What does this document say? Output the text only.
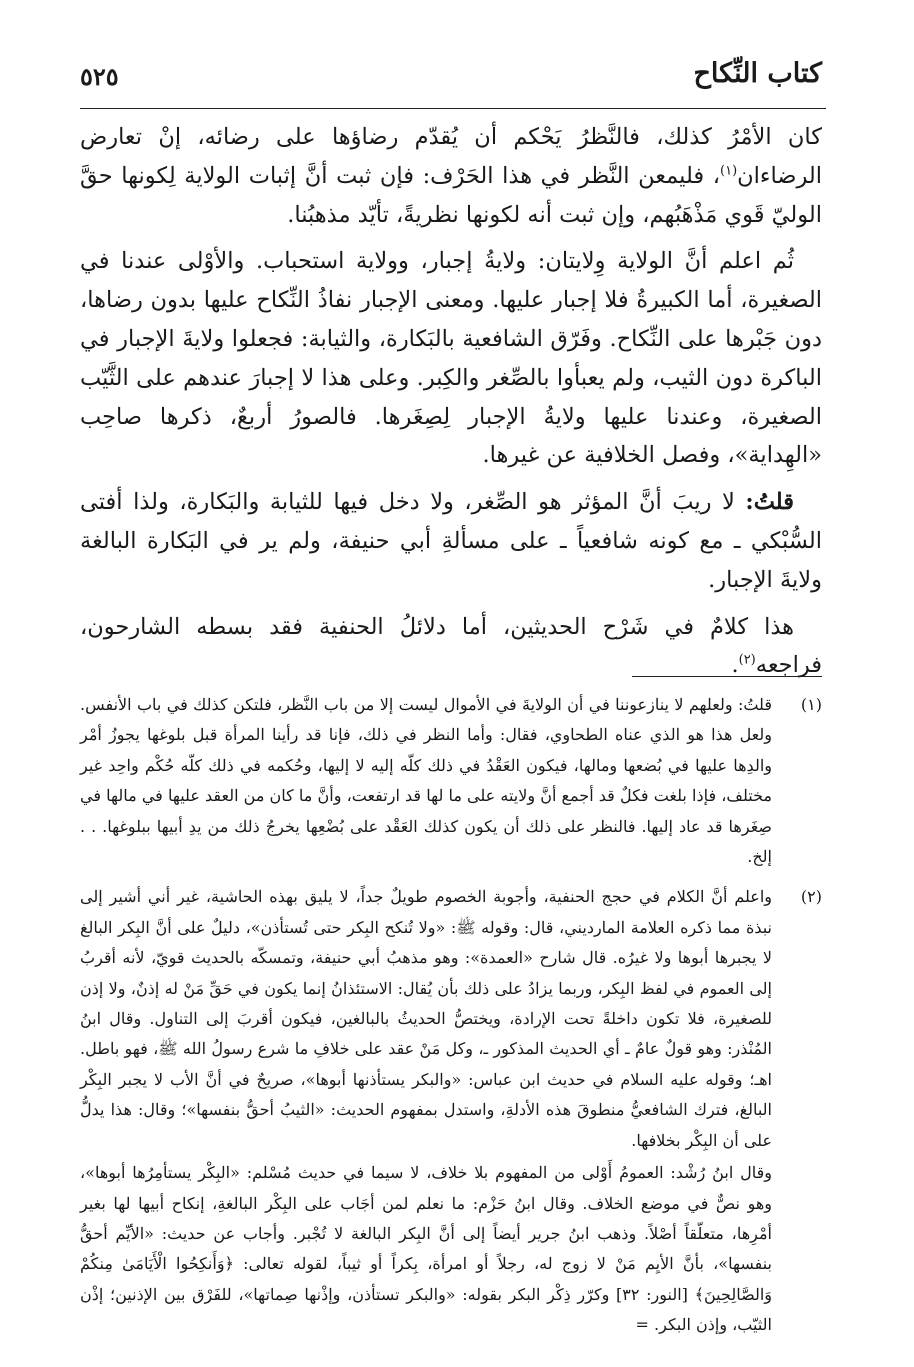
كتاب النِّكاح
٥٢٥

كان الأمْرُ كذلك، فالنَّظرُ يَحْكم أن يُقدّم رضاؤها على رضائه، إنْ تعارض الرضاءان$^{(١)}$، فليمعن النَّظر في هذا الحَرْف: فإن ثبت أنَّ إثبات الولاية لِكونها حقَّ الوليّ قَوي مَذْهَبُهم، وإن ثبت أنه لكونها نظريةً، تأيّد مذهبُنا.

ثُم اعلم أنَّ الولاية وِلايتان: ولايةُ إجبار، وولاية استحباب. والأوْلى عندنا في الصغيرة، أما الكبيرةُ فلا إجبار عليها. ومعنى الإجبار نفاذُ النِّكاح عليها بدون رضاها، دون جَبْرها على النِّكاح. وفَرّق الشافعية بالبَكارة، والثيابة: فجعلوا ولايةَ الإجبار في الباكرة دون الثيب، ولم يعبأوا بالصِّغر والكِبر. وعلى هذا لا إجبارَ عندهم على الثَّيّب الصغيرة، وعندنا عليها ولايةُ الإجبار لِصِغَرها. فالصورُ أربعٌ، ذكرها صاحِب «الهِداية»، وفصل الخلافية عن غيرها.

قلتُ: لا ريبَ أنَّ المؤثر هو الصِّغر، ولا دخل فيها للثيابة والبَكارة، ولذا أفتى السُّبْكي ـ مع كونه شافعياً ـ على مسألةِ أبي حنيفة، ولم ير في البَكارة البالغة ولايةَ الإجبار.

هذا كلامٌ في شَرْح الحديثين، أما دلائلُ الحنفية فقد بسطه الشارحون، فراجعه$^{(٢)}$.

(١)

قلتُ: ولعلهم لا ينازعوننا في أن الولايةَ في الأموال ليست إلا من باب النَّظر، فلتكن كذلك في باب الأنفس. ولعل هذا هو الذي عناه الطحاوي، فقال: وأما النظر في ذلك، فإنا قد رأينا المرأة قبل بلوغها يجوزُ أمْر والدِها عليها في بُضعها ومالها، فيكون العَقْدُ في ذلك كلّه إليه لا إليها، وحُكمه في ذلك كلّه حُكْم واحِد غير مختلف، فإذا بلغت فكلٌ قد أجمع أنَّ ولايته على ما لها قد ارتفعت، وأنَّ ما كان من العقد عليها في مالها في صِغَرها قد عاد إليها. فالنظر على ذلك أن يكون كذلك العَقْد على بُضْعِها يخرجُ ذلك من يدِ أبيها ببلوغها. . . إلخ.

(٢)

واعلم أنَّ الكلام في حجج الحنفية، وأجوبة الخصوم طويلٌ جداً، لا يليق بهذه الحاشية، غير أني أشير إلى نبذة مما ذكره العلامة المارديني، قال: وقوله ﷺ: «ولا تُنكح البِكر حتى تُستأذن»، دليلٌ على أنَّ البِكر البالغ لا يجبرها أبوها ولا غيرُه. قال شارح «العمدة»: وهو مذهبُ أبي حنيفة، وتمسكّه بالحديث قويّ، لأنه أقربُ إلى العموم في لفظ البِكر، وربما يزادُ على ذلك بأن يُقال: الاستئذانُ إنما يكون في حَقِّ مَنْ له إذنٌ، ولا إذن للصغيرة، فلا تكون داخلةً تحت الإرادة، ويختصُّ الحديثُ بالبالغين، فيكون أقربَ إلى التناول. وقال ابنُ المُنْذر: وهو قولٌ عامٌ ـ أي الحديث المذكور ـ، وكل مَنْ عقد على خلافِ ما شرع رسولُ الله ﷺ، فهو باطل. اهـ؛ وقوله عليه السلام في حديث ابن عباس: «والبكر يستأذنها أبوها»، صريحٌ في أنَّ الأب لا يجبر البِكْر البالغ، فترك الشافعيُّ منطوقَ هذه الأدلةِ، واستدل بمفهوم الحديث: «الثيبُ أحقُّ بنفسها»؛ وقال: هذا يدلُّ على أن البِكْر بخلافها.

وقال ابنُ رُشْد: العمومُ أَوْلى من المفهوم بلا خلاف، لا سيما في حديث مُسْلم: «البِكْر يستأمِرُها أبوها»، وهو نصٌّ في موضع الخلاف. وقال ابنُ حَزْم: ما نعلم لمن أجَاب على البِكْر البالغةِ، إنكاح أبيها لها بغير أمْرِها، متعلّقاً أصْلاً. وذهب ابنُ جرير أيضاً إلى أنَّ البِكر البالغة لا تُجْبر. وأجاب عن حديث: «الأيِّم أحقُّ بنفسها»، بأنَّ الأيِم مَنْ لا زوج له، رجلاً أو امرأة، بِكراً أو ثيباً، لقوله تعالى: ﴿وَأَنكِحُوا الْأَيَامَىٰ مِنكُمْ وَالصَّالِحِينَ﴾ [النور: ٣٢] وكرّر ذِكْر البكر بقوله: «والبكر تستأذن، وإذْنها صِماتها»، للفَرْق بين الإذنين؛ إذْن الثيّب، وإذن البكر. =
